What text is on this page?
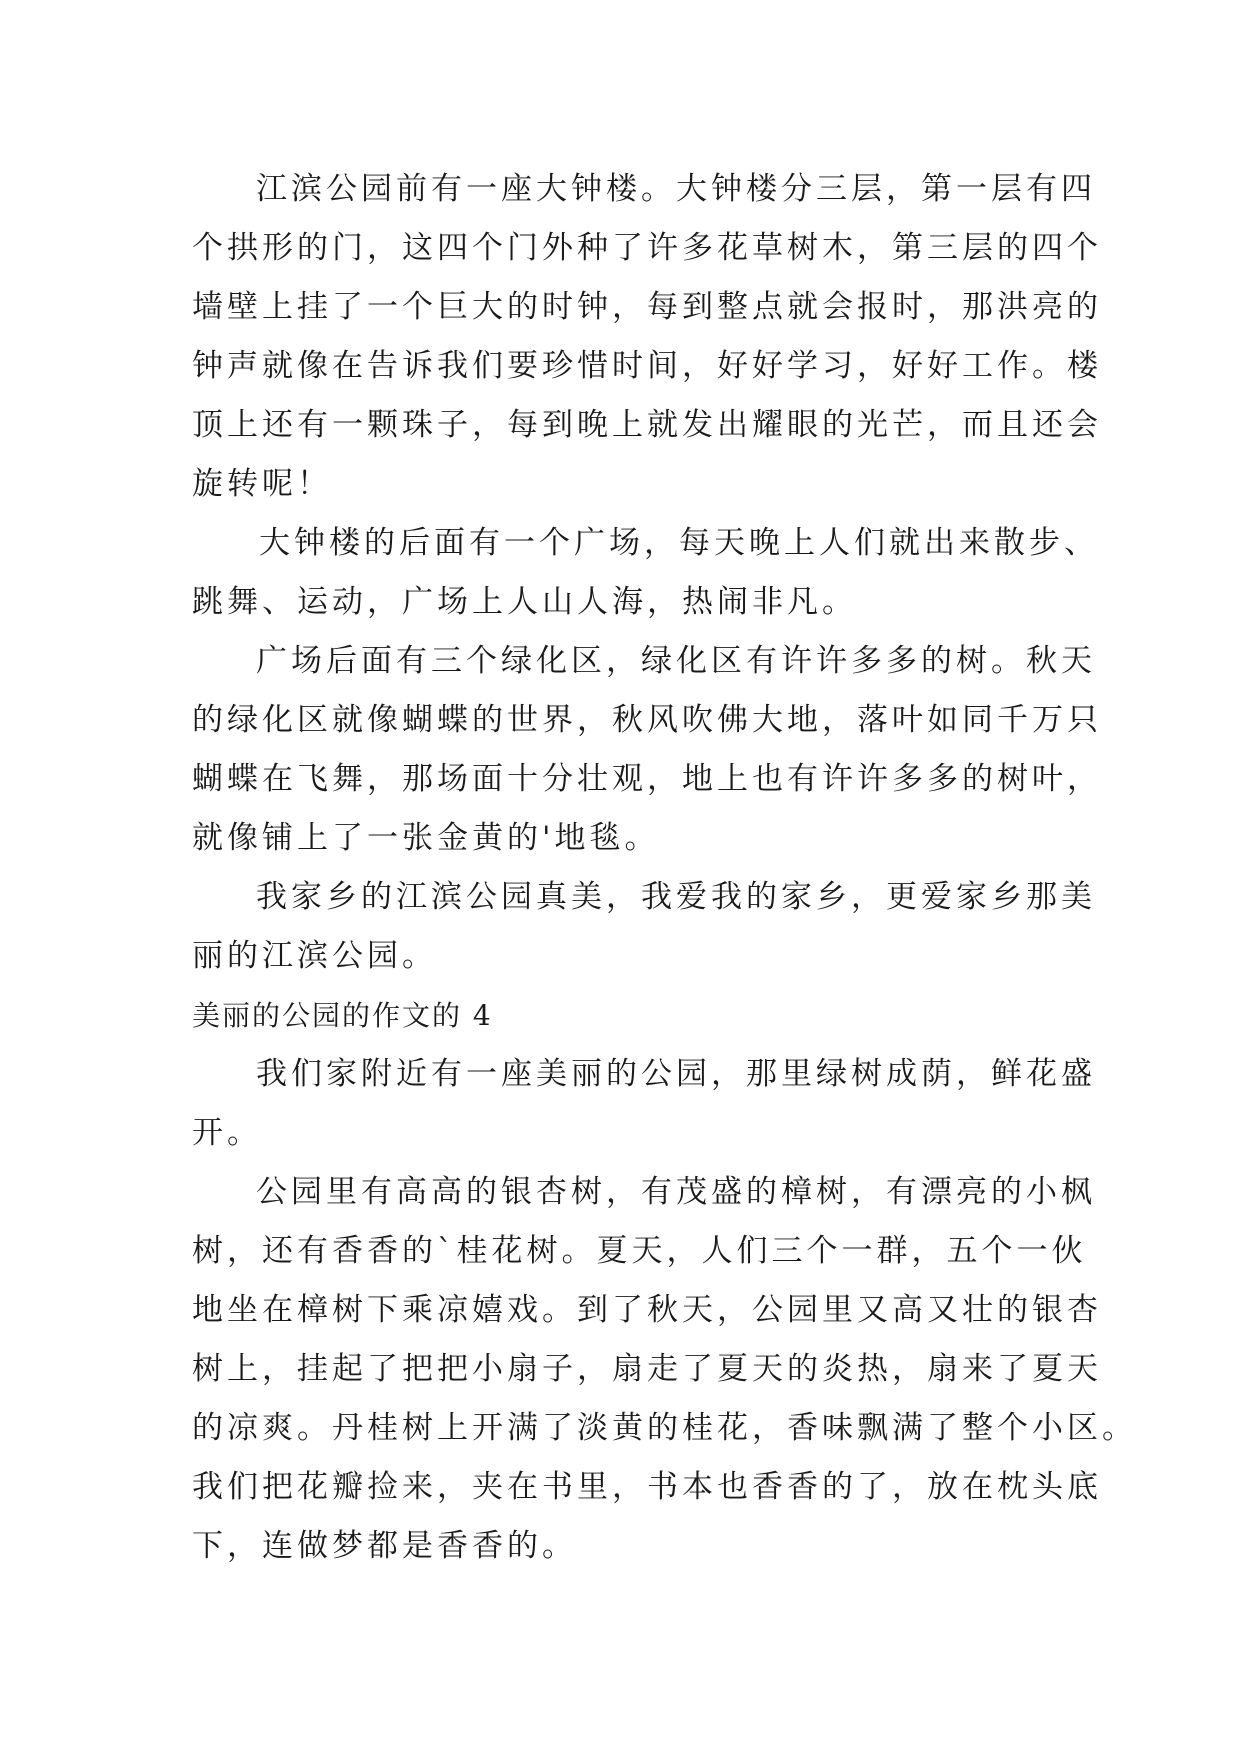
江滨公园前有一座大钟楼。大钟楼分三层，第一层有四
个拱形的门，这四个门外种了许多花草树木，第三层的四个
墙壁上挂了一个巨大的时钟，每到整点就会报时，那洪亮的
钟声就像在告诉我们要珍惜时间，好好学习，好好工作。楼
顶上还有一颗珠子，每到晚上就发出耀眼的光芒，而且还会
旋转呢！

大钟楼的后面有一个广场，每天晚上人们就出来散步、
跳舞、运动，广场上人山人海，热闹非凡。

广场后面有三个绿化区，绿化区有许许多多的树。秋天
的绿化区就像蝴蝶的世界，秋风吹佛大地，落叶如同千万只
蝴蝶在飞舞，那场面十分壮观，地上也有许许多多的树叶，
就像铺上了一张金黄的'地毯。

我家乡的江滨公园真美，我爱我的家乡，更爱家乡那美
丽的江滨公园。

美丽的公园的作文的 4

我们家附近有一座美丽的公园，那里绿树成荫，鲜花盛
开。

公园里有高高的银杏树，有茂盛的樟树，有漂亮的小枫
树，还有香香的`桂花树。夏天，人们三个一群，五个一伙
地坐在樟树下乘凉嬉戏。到了秋天，公园里又高又壮的银杏
树上，挂起了把把小扇子，扇走了夏天的炎热，扇来了夏天
的凉爽。丹桂树上开满了淡黄的桂花，香味飘满了整个小区。
我们把花瓣捡来，夹在书里，书本也香香的了，放在枕头底
下，连做梦都是香香的。
